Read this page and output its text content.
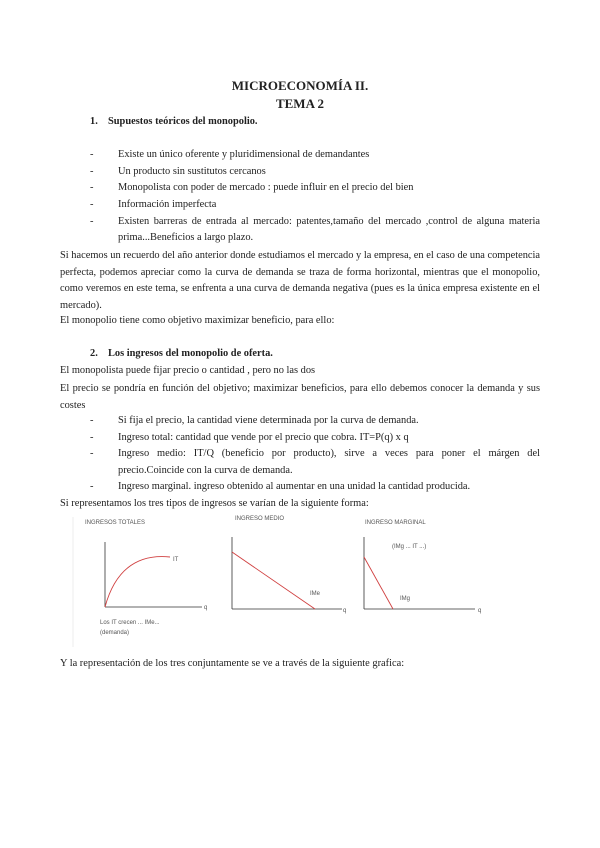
MICROECONOMÍA II.
TEMA 2
1. Supuestos teóricos del monopolio.
- Existe un único oferente y pluridimensional de demandantes
- Un producto sin sustitutos cercanos
- Monopolista con poder de mercado : puede influir en el precio del bien
- Información imperfecta
- Existen barreras de entrada al mercado: patentes,tamaño del mercado ,control de alguna materia
prima...Beneficios a largo plazo.
Si hacemos un recuerdo del año anterior donde estudiamos el mercado y la empresa, en el caso de una competencia perfecta, podemos apreciar como la curva de demanda se traza de forma horizontal, mientras que el monopolio, como veremos en este tema, se enfrenta a una curva de demanda negativa (pues es la única empresa existente en el mercado).
El monopolio tiene como objetivo maximizar beneficio, para ello:
2. Los ingresos del monopolio de oferta.
El monopolista puede fijar precio o cantidad , pero no las dos
El precio se pondría en función del objetivo; maximizar beneficios, para ello debemos conocer la demanda y sus costes
- Si fija el precio, la cantidad viene determinada por la curva de demanda.
- Ingreso total: cantidad que vende por el precio que cobra. IT=P(q) x q
- Ingreso medio: IT/Q (beneficio por producto), sirve a veces para poner el márgen del
precio.Coincide con la curva de demanda.
- Ingreso marginal. ingreso obtenido al aumentar en una unidad la cantidad producida.
Si representamos los tres tipos de ingresos se varían de la siguiente forma:
INGRESOS TOTALES
IT
q
Los IT crecen ... IMe...
(demanda)
INGRESO MEDIO
IMe
q
INGRESO MARGINAL
IMg
q
(IMg ... IT ...)
Y la representación de los tres conjuntamente se ve a través de la siguiente grafica:
